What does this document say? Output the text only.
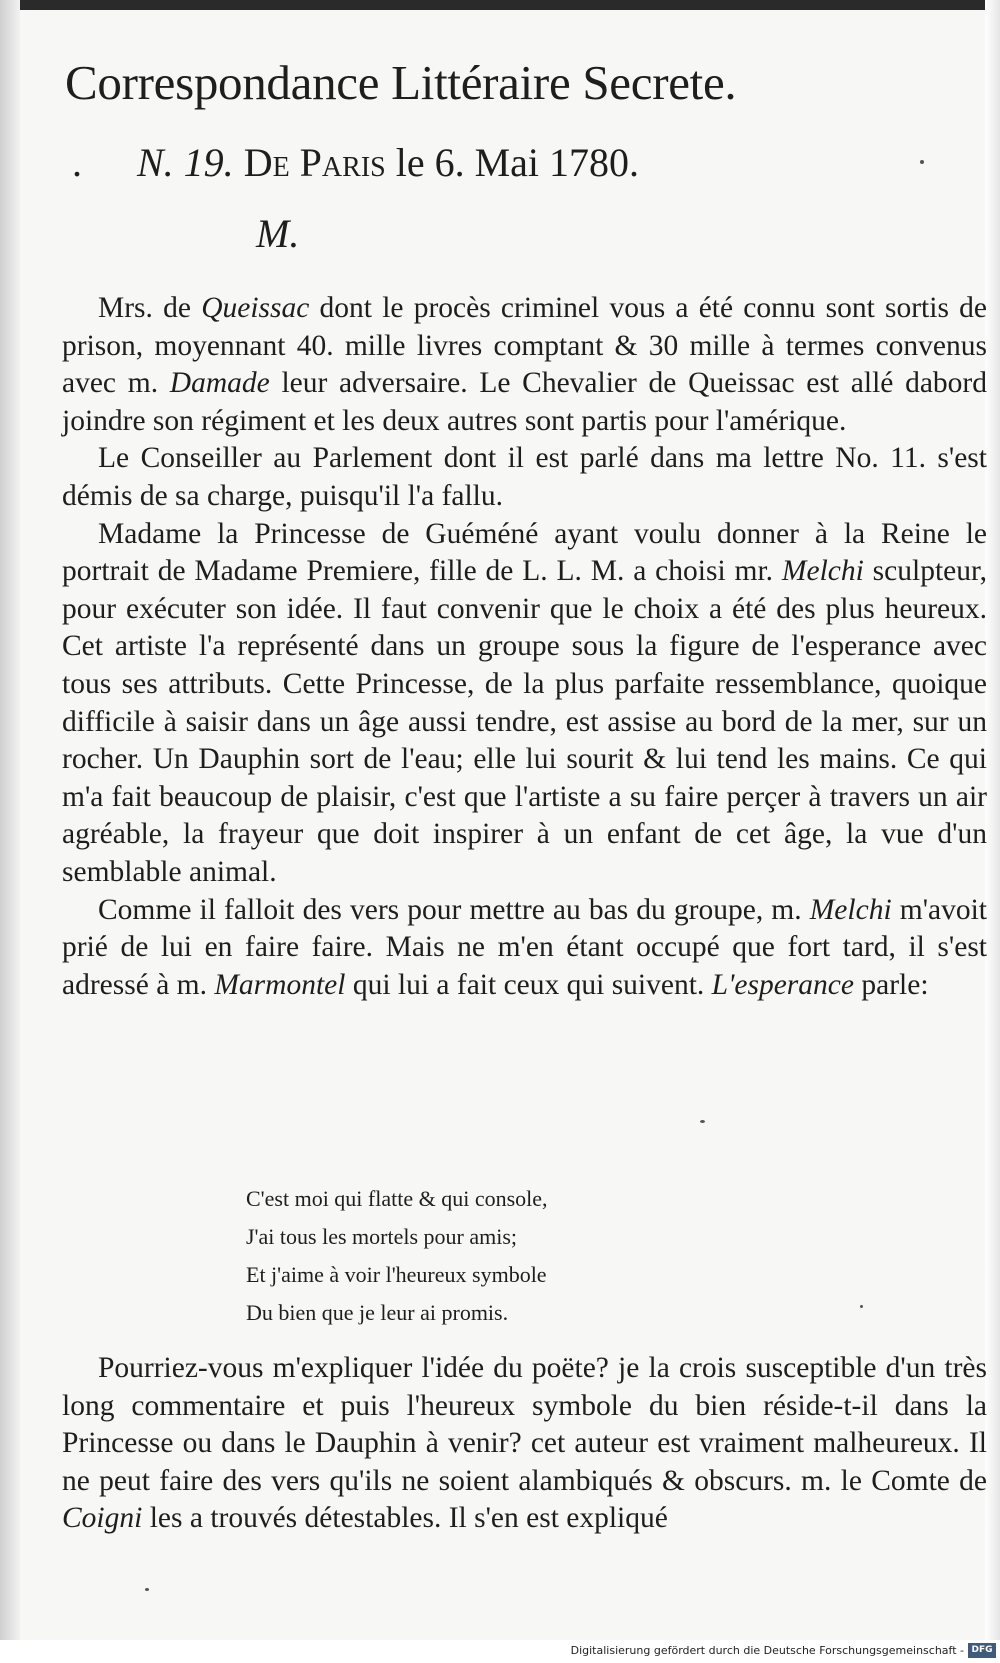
Correspondance Littéraire Secrete.
. N. 19. De Paris le 6. Mai 1780.
M.

Mrs. de Queissac dont le procès criminel vous a été connu sont sortis de prison, moyennant 40. mille livres comptant & 30 mille à termes convenus avec m. Damade leur adversaire. Le Chevalier de Queissac est allé dabord joindre son régiment et les deux autres sont partis pour l'amérique.

Le Conseiller au Parlement dont il est parlé dans ma lettre No. 11. s'est démis de sa charge, puisqu'il l'a fallu.

Madame la Princesse de Guéméné ayant voulu donner à la Reine le portrait de Madame Premiere, fille de L. L. M. a choisi mr. Melchi sculpteur, pour exécuter son idée. Il faut convenir que le choix a été des plus heureux. Cet artiste l'a représenté dans un groupe sous la figure de l'esperance avec tous ses attributs. Cette Princesse, de la plus parfaite ressemblance, quoique difficile à saisir dans un âge aussi tendre, est assise au bord de la mer, sur un rocher. Un Dauphin sort de l'eau; elle lui sourit & lui tend les mains. Ce qui m'a fait beaucoup de plaisir, c'est que l'artiste a su faire perçer à travers un air agréable, la frayeur que doit inspirer à un enfant de cet âge, la vue d'un semblable animal.

Comme il falloit des vers pour mettre au bas du groupe, m. Melchi m'avoit prié de lui en faire faire. Mais ne m'en étant occupé que fort tard, il s'est adressé à m. Marmontel qui lui a fait ceux qui suivent. L'esperance parle:

C'est moi qui flatte & qui console,
J'ai tous les mortels pour amis;
Et j'aime à voir l'heureux symbole
Du bien que je leur ai promis.

Pourriez-vous m'expliquer l'idée du poëte? je la crois susceptible d'un très long commentaire et puis l'heureux symbole du bien réside-t-il dans la Princesse ou dans le Dauphin à venir? cet auteur est vraiment malheureux. Il ne peut faire des vers qu'ils ne soient alambiqués & obscurs. m. le Comte de Coigni les a trouvés détestables. Il s'en est expliqué

Digitalisierung gefördert durch die Deutsche Forschungsgemeinschaft - DFG
